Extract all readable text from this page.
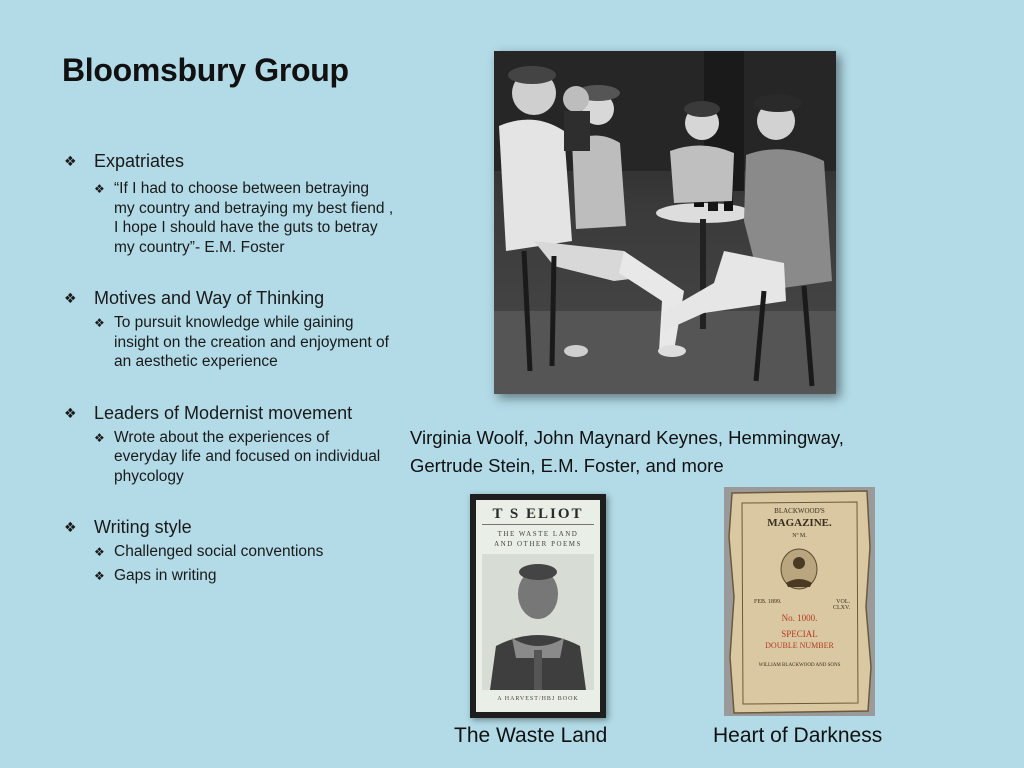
Bloomsbury Group
❖ Expatriates
❖ “If I had to choose between betraying my country and betraying my best fiend , I hope I should have the guts to betray my country”- E.M. Foster
❖ Motives and Way of Thinking
❖ To pursuit knowledge while gaining insight on the creation and enjoyment of an aesthetic experience
❖ Leaders of Modernist movement
❖ Wrote about the experiences of everyday life and focused on individual phycology
❖ Writing style
❖ Challenged social conventions
❖ Gaps in writing
Virginia Woolf, John Maynard Keynes, Hemmingway,
Gertrude Stein, E.M. Foster, and more
T S ELIOT
THE WASTE LAND
AND OTHER POEMS
A HARVEST/HBJ BOOK
BLACKWOOD'S
MAGAZINE.
Nº M.
FEB. 1899.	VOL. CLXV.
No. 1000.
SPECIAL
DOUBLE NUMBER
WILLIAM BLACKWOOD AND SONS
The Waste Land	Heart of Darkness
